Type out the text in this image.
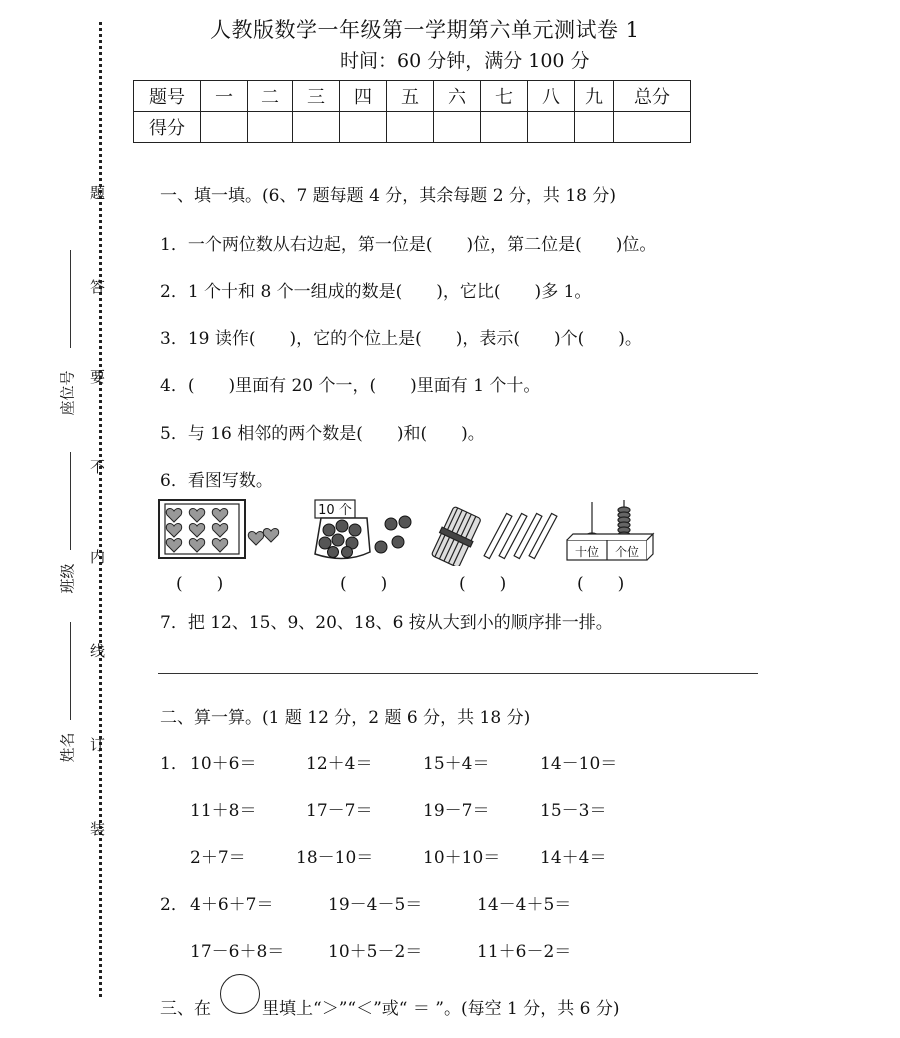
题
答
要
不
内
线
订
装
座位号
班级
姓名
人教版数学一年级第一学期第六单元测试卷 1
时间：60 分钟，满分 100 分
题号	一	二	三	四	五	六	七	八	九	总分
得分										
一、填一填。(6、7 题每题 4 分，其余每题 2 分，共 18 分)
1．一个两位数从右边起，第一位是(　　)位，第二位是(　　)位。
2．1 个十和 8 个一组成的数是(　　)，它比(　　)多 1。
3．19 读作(　　)，它的个位上是(　　)，表示(　　)个(　　)。
4．(　　)里面有 20 个一，(　　)里面有 1 个十。
5．与 16 相邻的两个数是(　　)和(　　)。
6．看图写数。
10 个
十位 个位
(　　)	(　　)	(　　)	(　　)
7．把 12、15、9、20、18、6 按从大到小的顺序排一排。
二、算一算。(1 题 12 分，2 题 6 分，共 18 分)
1． 10＋6＝	12＋4＝	15＋4＝	14－10＝
11＋8＝	17－7＝	19－7＝	15－3＝
2＋7＝	18－10＝	10＋10＝ 14＋4＝
2． 4＋6＋7＝	19－4－5＝	14－4＋5＝
17－6＋8＝	10＋5－2＝	11＋6－2＝
三、在	里填上“＞”“＜”或“ ＝ ”。(每空 1 分，共 6 分)
